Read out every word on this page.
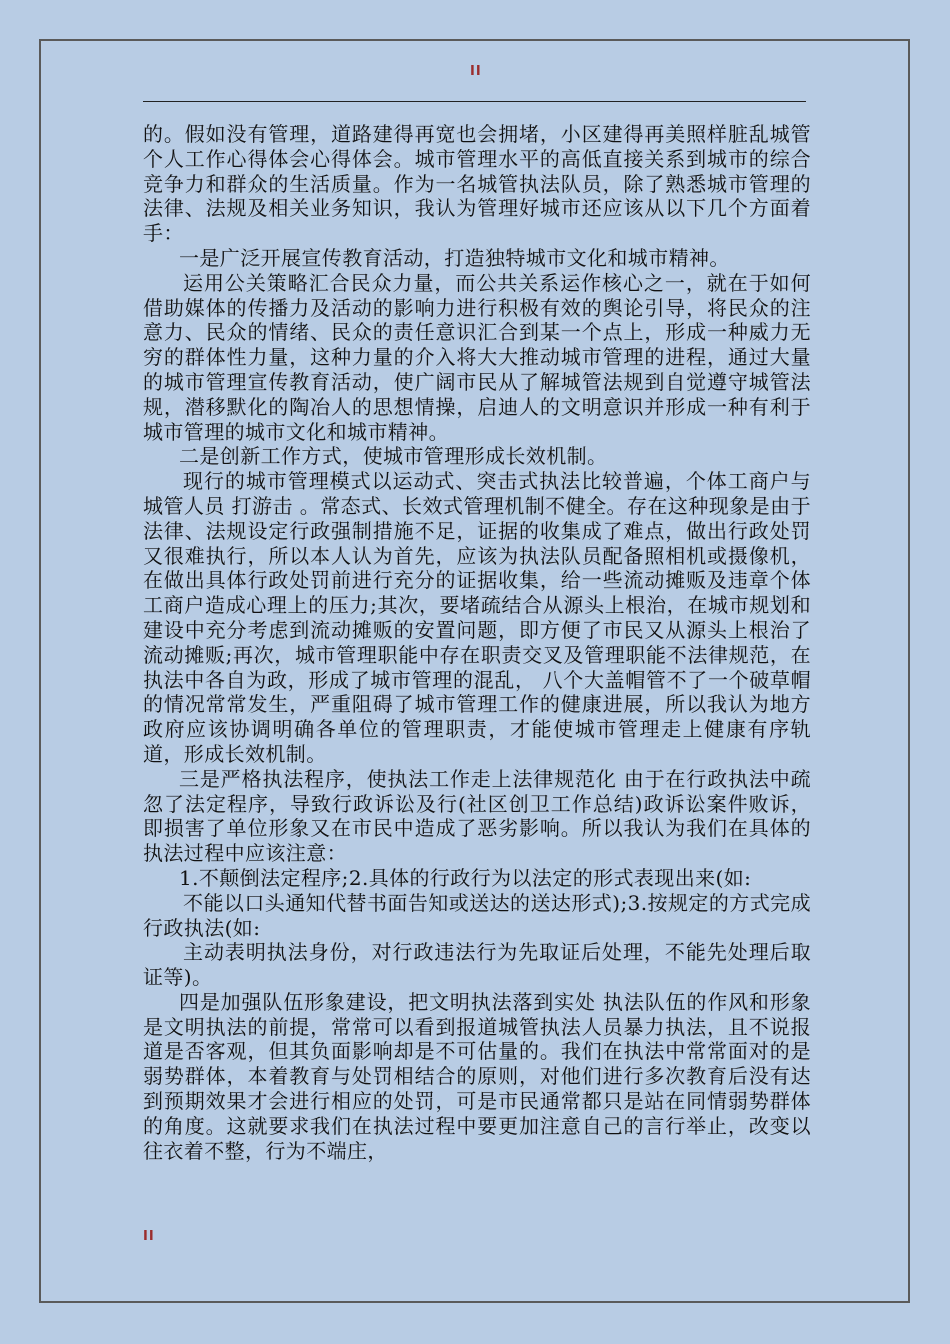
II

的。假如没有管理，道路建得再宽也会拥堵，小区建得再美照样脏乱城管个人工作心得体会心得体会。城市管理水平的高低直接关系到城市的综合竞争力和群众的生活质量。作为一名城管执法队员，除了熟悉城市管理的法律、法规及相关业务知识，我认为管理好城市还应该从以下几个方面着手：

一是广泛开展宣传教育活动，打造独特城市文化和城市精神。

运用公关策略汇合民众力量，而公共关系运作核心之一，就在于如何借助媒体的传播力及活动的影响力进行积极有效的舆论引导，将民众的注意力、民众的情绪、民众的责任意识汇合到某一个点上，形成一种威力无穷的群体性力量，这种力量的介入将大大推动城市管理的进程，通过大量的城市管理宣传教育活动，使广阔市民从了解城管法规到自觉遵守城管法规，潜移默化的陶冶人的思想情操，启迪人的文明意识并形成一种有利于城市管理的城市文化和城市精神。

二是创新工作方式，使城市管理形成长效机制。

现行的城市管理模式以运动式、突击式执法比较普遍，个体工商户与城管人员 打游击 。常态式、长效式管理机制不健全。存在这种现象是由于法律、法规设定行政强制措施不足，证据的收集成了难点，做出行政处罚又很难执行，所以本人认为首先，应该为执法队员配备照相机或摄像机，在做出具体行政处罚前进行充分的证据收集，给一些流动摊贩及违章个体工商户造成心理上的压力;其次，要堵疏结合从源头上根治，在城市规划和建设中充分考虑到流动摊贩的安置问题，即方便了市民又从源头上根治了流动摊贩;再次，城市管理职能中存在职责交叉及管理职能不法律规范，在执法中各自为政，形成了城市管理的混乱， 八个大盖帽管不了一个破草帽 的情况常常发生，严重阻碍了城市管理工作的健康进展，所以我认为地方政府应该协调明确各单位的管理职责，才能使城市管理走上健康有序轨道，形成长效机制。

三是严格执法程序，使执法工作走上法律规范化 由于在行政执法中疏忽了法定程序，导致行政诉讼及行(社区创卫工作总结)政诉讼案件败诉，即损害了单位形象又在市民中造成了恶劣影响。所以我认为我们在具体的执法过程中应该注意：

1.不颠倒法定程序;2.具体的行政行为以法定的形式表现出来(如:

不能以口头通知代替书面告知或送达的送达形式);3.按规定的方式完成行政执法(如:

主动表明执法身份，对行政违法行为先取证后处理，不能先处理后取证等)。

四是加强队伍形象建设，把文明执法落到实处 执法队伍的作风和形象是文明执法的前提，常常可以看到报道城管执法人员暴力执法，且不说报道是否客观，但其负面影响却是不可估量的。我们在执法中常常面对的是弱势群体，本着教育与处罚相结合的原则，对他们进行多次教育后没有达到预期效果才会进行相应的处罚，可是市民通常都只是站在同情弱势群体的角度。这就要求我们在执法过程中要更加注意自己的言行举止，改变以往衣着不整，行为不端庄，

II
